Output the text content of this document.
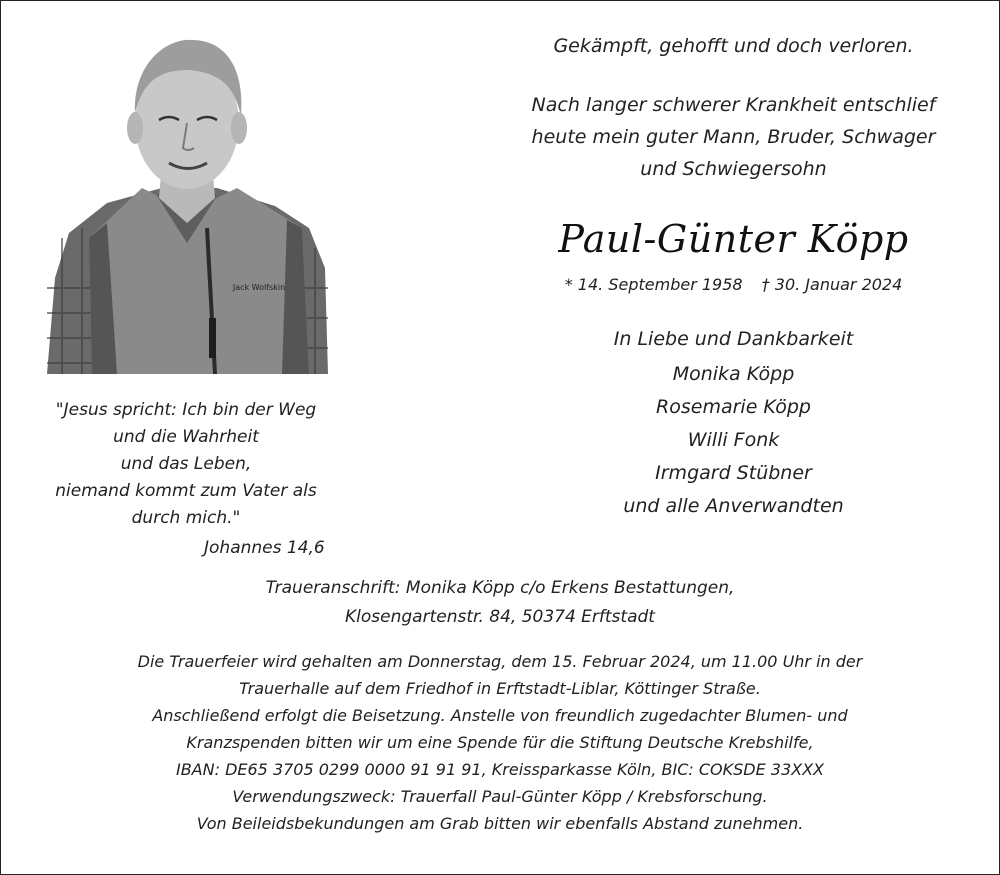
Jack Wolfskin
"Jesus spricht: Ich bin der Weg
und die Wahrheit
und das Leben,
niemand kommt zum Vater als
durch mich."
Johannes 14,6

Gekämpft, gehofft und doch verloren.

Nach langer schwerer Krankheit entschlief
heute mein guter Mann, Bruder, Schwager
und Schwiegersohn
Paul-Günter Köpp
* 14. September 1958 † 30. Januar 2024
In Liebe und Dankbarkeit
Monika Köpp
Rosemarie Köpp
Willi Fonk
Irmgard Stübner
und alle Anverwandten
Traueranschrift: Monika Köpp c/o Erkens Bestattungen,
Klosengartenstr. 84, 50374 Erftstadt
Die Trauerfeier wird gehalten am Donnerstag, dem 15. Februar 2024, um 11.00 Uhr in der
Trauerhalle auf dem Friedhof in Erftstadt-Liblar, Köttinger Straße.
Anschließend erfolgt die Beisetzung. Anstelle von freundlich zugedachter Blumen- und
Kranzspenden bitten wir um eine Spende für die Stiftung Deutsche Krebshilfe,
IBAN: DE65 3705 0299 0000 91 91 91, Kreissparkasse Köln, BIC: COKSDE 33XXX
Verwendungszweck: Trauerfall Paul-Günter Köpp / Krebsforschung.
Von Beileidsbekundungen am Grab bitten wir ebenfalls Abstand zunehmen.
